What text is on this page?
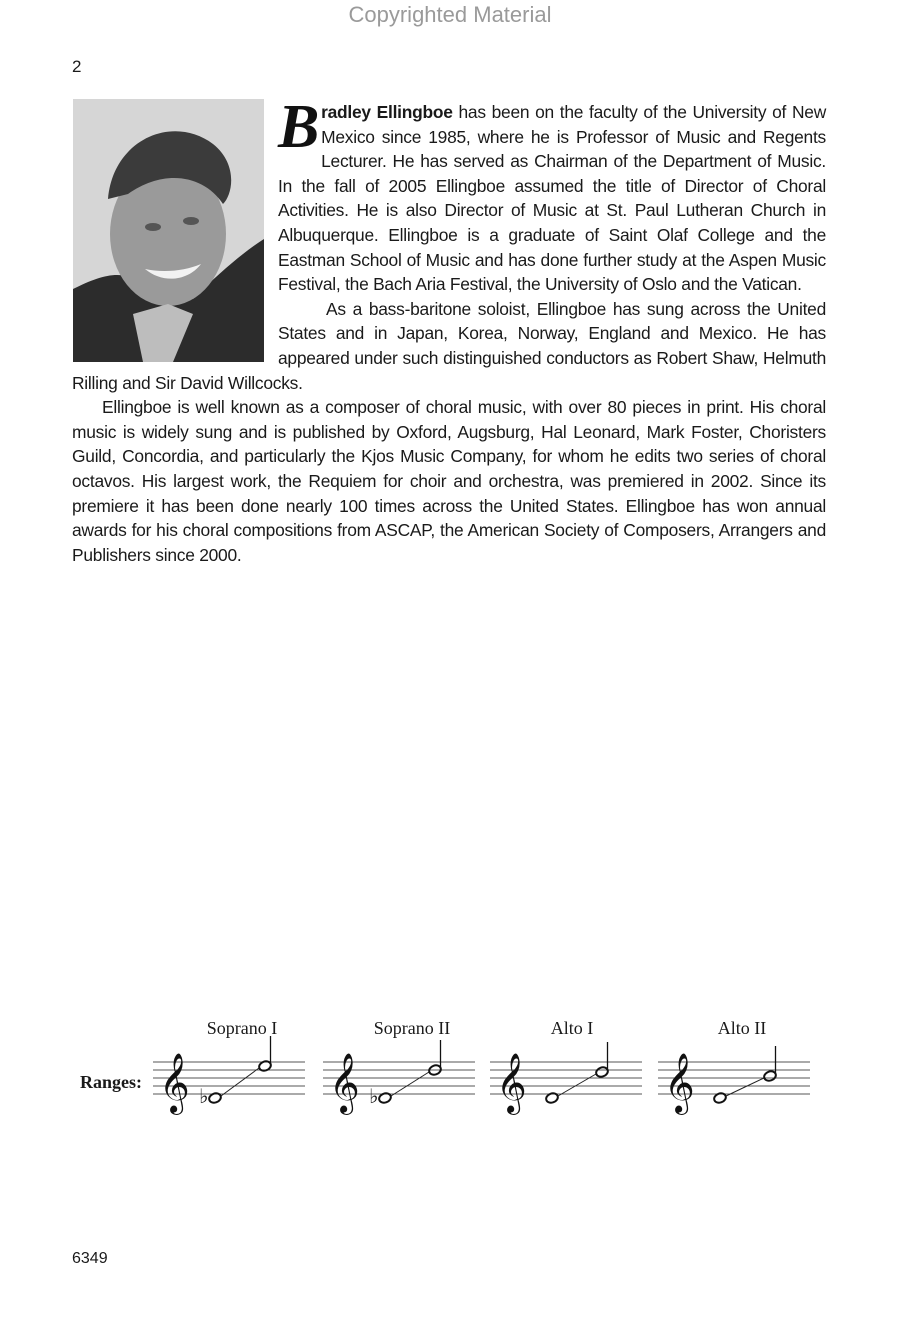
Copyrighted Material
2

Bradley Ellingboe has been on the faculty of the University of New Mexico since 1985, where he is Professor of Music and Regents Lecturer. He has served as Chairman of the Department of Music. In the fall of 2005 Ellingboe assumed the title of Director of Choral Activities. He is also Director of Music at St. Paul Lutheran Church in Albuquerque. Ellingboe is a graduate of Saint Olaf College and the Eastman School of Music and has done further study at the Aspen Music Festival, the Bach Aria Festival, the University of Oslo and the Vatican.

As a bass-baritone soloist, Ellingboe has sung across the United States and in Japan, Korea, Norway, England and Mexico. He has appeared under such distinguished conductors as Robert Shaw, Helmuth Rilling and Sir David Willcocks.

Ellingboe is well known as a composer of choral music, with over 80 pieces in print. His choral music is widely sung and is published by Oxford, Augsburg, Hal Leonard, Mark Foster, Choristers Guild, Concordia, and particularly the Kjos Music Company, for whom he edits two series of choral octavos. His largest work, the Requiem for choir and orchestra, was premiered in 2002. Since its premiere it has been done nearly 100 times across the United States. Ellingboe has won annual awards for his choral compositions from ASCAP, the American Society of Composers, Arrangers and Publishers since 2000.

Ranges:
Soprano I	Soprano II	Alto I	Alto II
𝄞 ♭ 𝄞 ♭ 𝄞	𝄞
6349
